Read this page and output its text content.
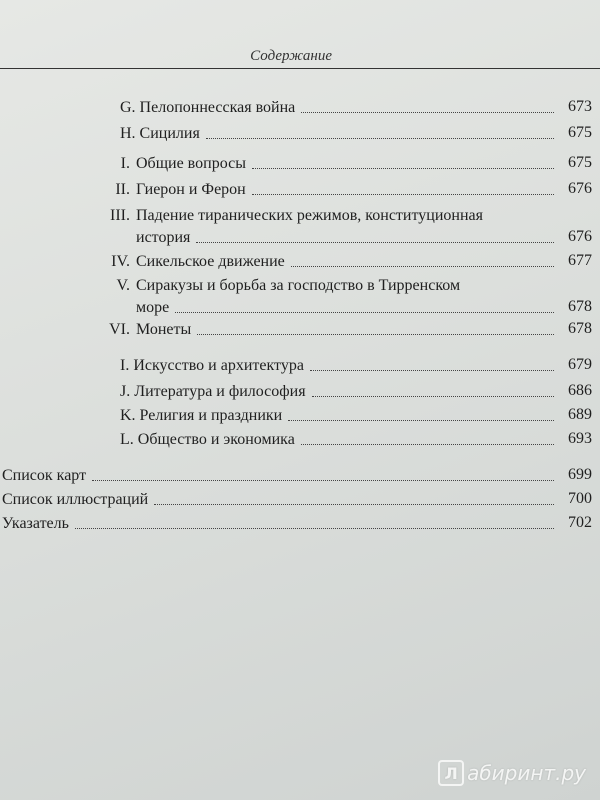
Содержание
G. Пелопоннесская война	673
H. Сицилия	675
I. Общие вопросы	675
II. Гиерон и Ферон	676
III. Падение тиранических режимов, конституционная
история	676
IV. Сикельское движение	677
V. Сиракузы и борьба за господство в Тирренском
море	678
VI. Монеты	678
I. Искусство и архитектура	679
J. Литература и философия	686
K. Религия и праздники	689
L. Общество и экономика	693
Список карт	699
Список иллюстраций	700
Указатель	702
Л абиринт.ру
